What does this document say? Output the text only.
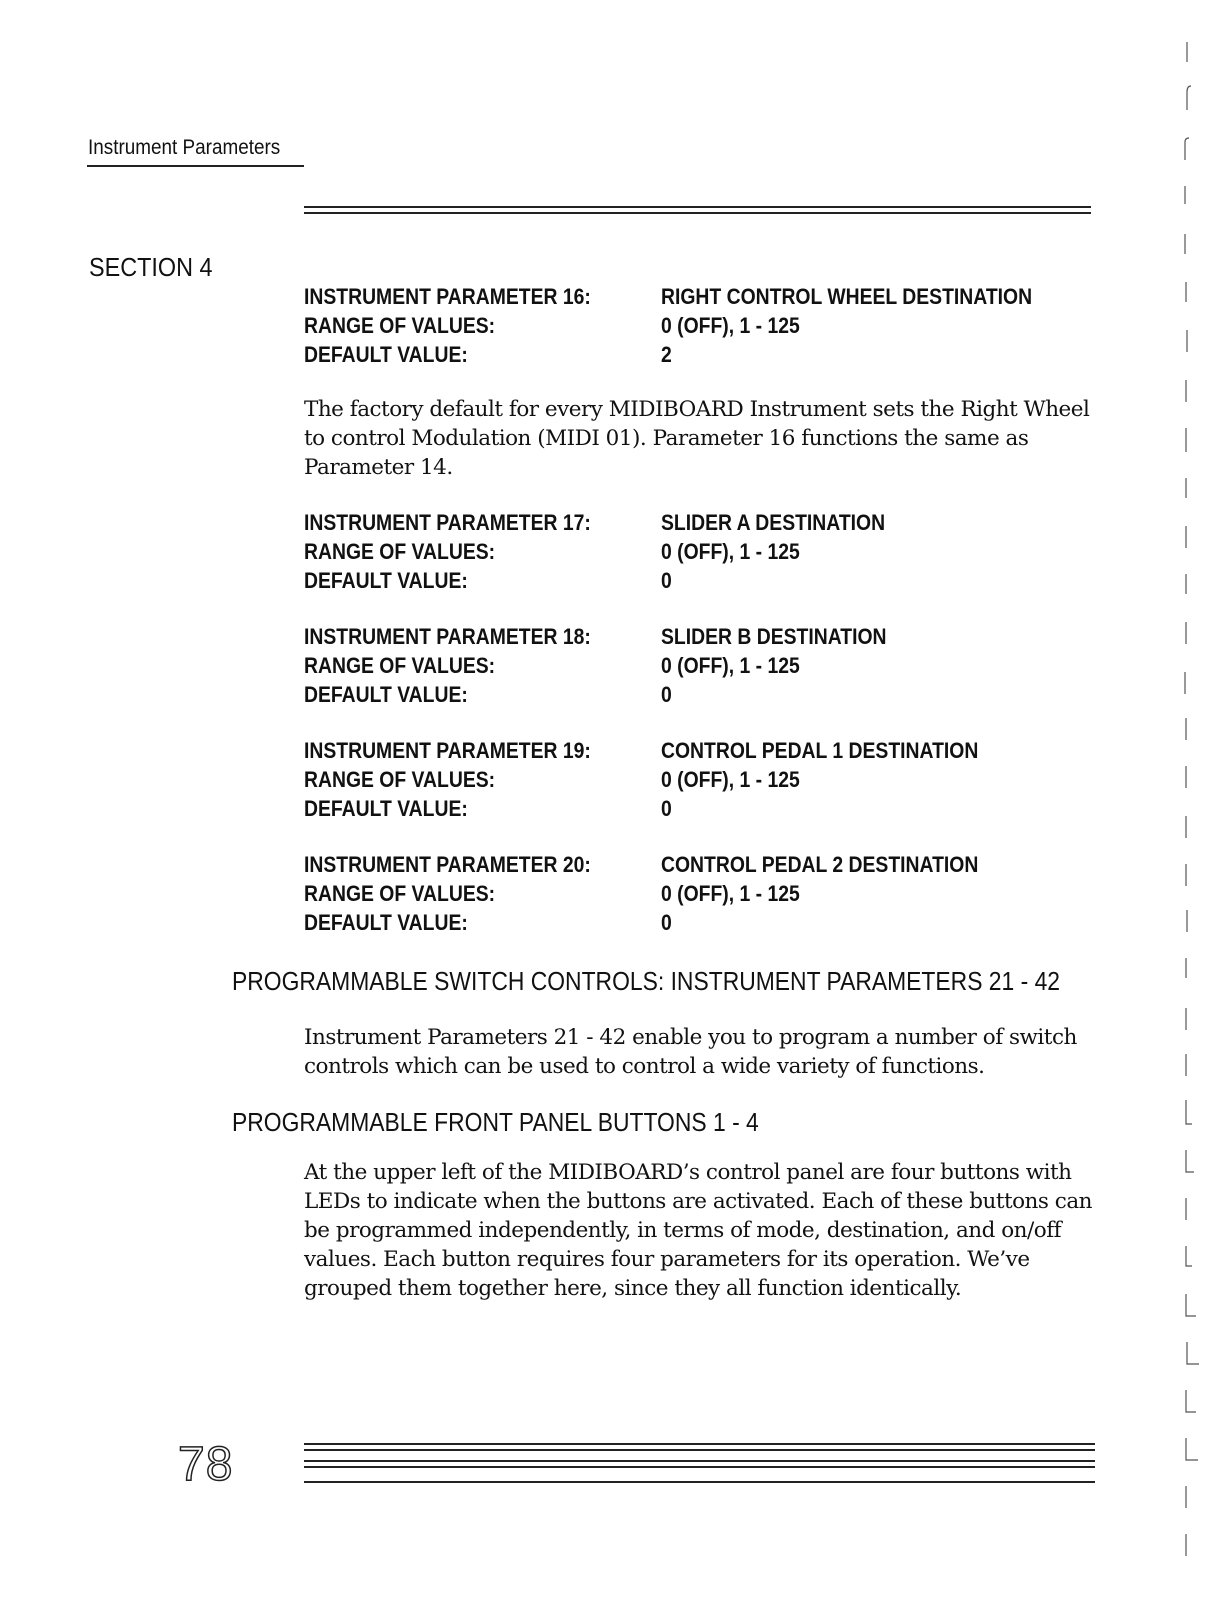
Instrument Parameters
SECTION 4
INSTRUMENT PARAMETER 16:	RIGHT CONTROL WHEEL DESTINATION
RANGE OF VALUES:	0 (OFF), 1 - 125
DEFAULT VALUE:	2
The factory default for every MIDIBOARD Instrument sets the Right Wheel to control Modulation (MIDI 01). Parameter 16 functions the same as Parameter 14.
INSTRUMENT PARAMETER 17:	SLIDER A DESTINATION
RANGE OF VALUES:	0 (OFF), 1 - 125
DEFAULT VALUE:	0
INSTRUMENT PARAMETER 18:	SLIDER B DESTINATION
RANGE OF VALUES:	0 (OFF), 1 - 125
DEFAULT VALUE:	0
INSTRUMENT PARAMETER 19:	CONTROL PEDAL 1 DESTINATION
RANGE OF VALUES:	0 (OFF), 1 - 125
DEFAULT VALUE:	0
INSTRUMENT PARAMETER 20:	CONTROL PEDAL 2 DESTINATION
RANGE OF VALUES:	0 (OFF), 1 - 125
DEFAULT VALUE:	0
PROGRAMMABLE SWITCH CONTROLS: INSTRUMENT PARAMETERS 21 - 42
Instrument Parameters 21 - 42 enable you to program a number of switch controls which can be used to control a wide variety of functions.
PROGRAMMABLE FRONT PANEL BUTTONS 1 - 4
At the upper left of the MIDIBOARD’s control panel are four buttons with LEDs to indicate when the buttons are activated. Each of these buttons can be programmed independently, in terms of mode, destination, and on/off values. Each button requires four parameters for its operation. We’ve grouped them together here, since they all function identically.
78
